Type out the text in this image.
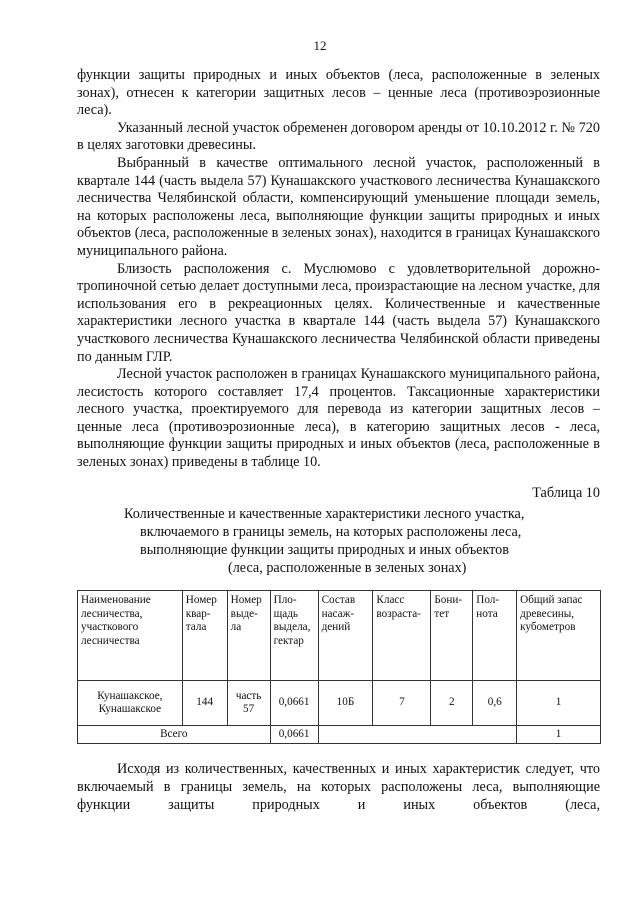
12

функции защиты природных и иных объектов (леса, расположенные в зеленых зонах), отнесен к категории защитных лесов – ценные леса (противоэрозионные леса).

Указанный лесной участок обременен договором аренды от 10.10.2012 г. № 720 в целях заготовки древесины.

Выбранный в качестве оптимального лесной участок, расположенный в квартале 144 (часть выдела 57) Кунашакского участкового лесничества Кунашакского лесничества Челябинской области, компенсирующий уменьшение площади земель, на которых расположены леса, выполняющие функции защиты природных и иных объектов (леса, расположенные в зеленых зонах), находится в границах Кунашакского муниципального района.

Близость расположения с. Муслюмово с удовлетворительной дорожно-тропиночной сетью делает доступными леса, произрастающие на лесном участке, для использования его в рекреационных целях. Количественные и качественные характеристики лесного участка в квартале 144 (часть выдела 57) Кунашакского участкового лесничества Кунашакского лесничества Челябинской области приведены по данным ГЛР.

Лесной участок расположен в границах Кунашакского муниципального района, лесистость которого составляет 17,4 процентов. Таксационные характеристики лесного участка, проектируемого для перевода из категории защитных лесов – ценные леса (противоэрозионные леса), в категорию защитных лесов - леса, выполняющие функции защиты природных и иных объектов (леса, расположенные в зеленых зонах) приведены в таблице 10.

Таблица 10
Количественные и качественные характеристики лесного участка,
включаемого в границы земель, на которых расположены леса,
выполняющие функции защиты природных и иных объектов
(леса, расположенные в зеленых зонах)
Наименование лесничества, участкового лесничества	Номер квар-тала	Номер выде-ла	Пло-щадь выдела, гектар	Состав насаж-дений	Класс возраста-	Бони-тет	Пол-нота	Общий запас древесины, кубометров
Кунашакское, Кунашакское	144	часть 57	0,0661	10Б	7	2	0,6	1
Всего			0,0661					1

Исходя из количественных, качественных и иных характеристик следует, что включаемый в границы земель, на которых расположены леса, выполняющие функции защиты природных и иных объектов (леса,
